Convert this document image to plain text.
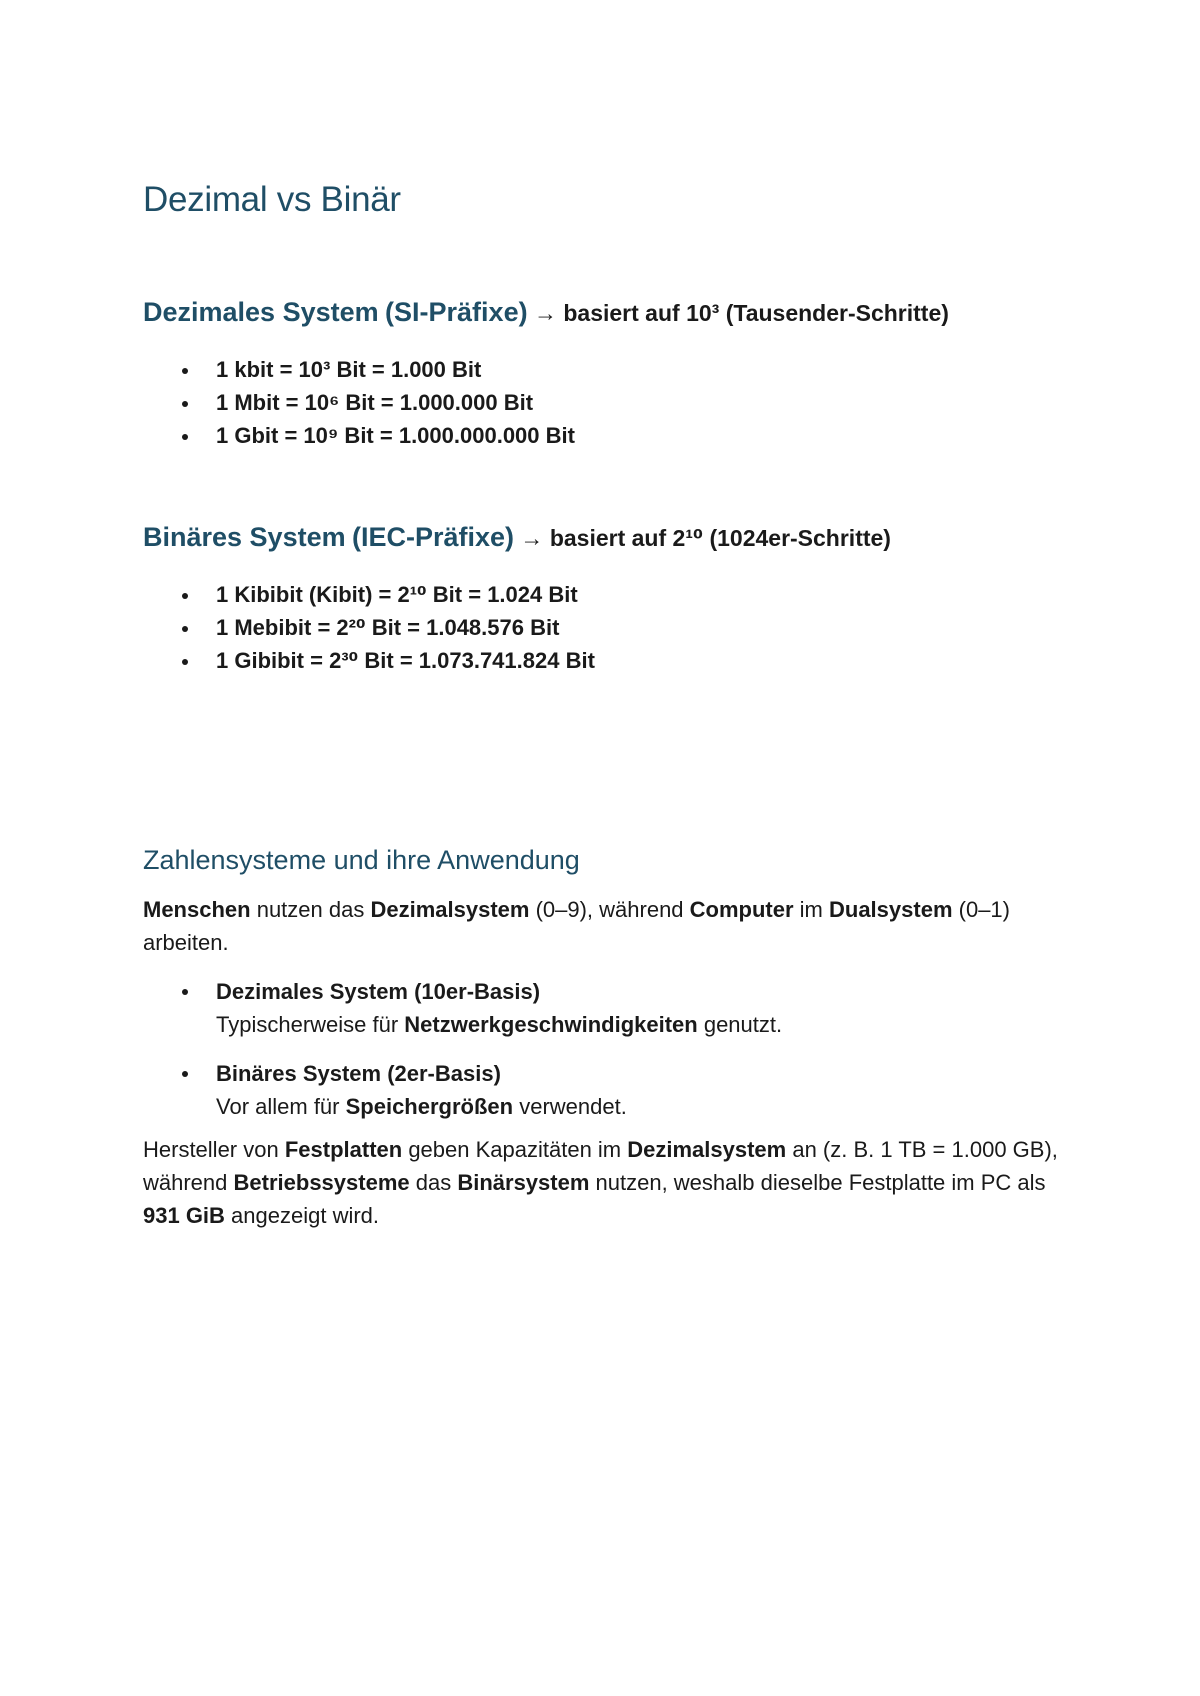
Dezimal vs Binär
Dezimales System (SI-Präfixe) → basiert auf 10³ (Tausender-Schritte)
1 kbit = 10³ Bit = 1.000 Bit
1 Mbit = 10⁶ Bit = 1.000.000 Bit
1 Gbit = 10⁹ Bit = 1.000.000.000 Bit
Binäres System (IEC-Präfixe) → basiert auf 2¹⁰ (1024er-Schritte)
1 Kibibit (Kibit) = 2¹⁰ Bit = 1.024 Bit
1 Mebibit = 2²⁰ Bit = 1.048.576 Bit
1 Gibibit = 2³⁰ Bit = 1.073.741.824 Bit
Zahlensysteme und ihre Anwendung

Menschen nutzen das Dezimalsystem (0–9), während Computer im Dualsystem (0–1) arbeiten.

Dezimales System (10er-Basis)
Typischerweise für Netzwerkgeschwindigkeiten genutzt.
Binäres System (2er-Basis)
Vor allem für Speichergrößen verwendet.

Hersteller von Festplatten geben Kapazitäten im Dezimalsystem an (z. B. 1 TB = 1.000 GB), während Betriebssysteme das Binärsystem nutzen, weshalb dieselbe Festplatte im PC als 931 GiB angezeigt wird.
